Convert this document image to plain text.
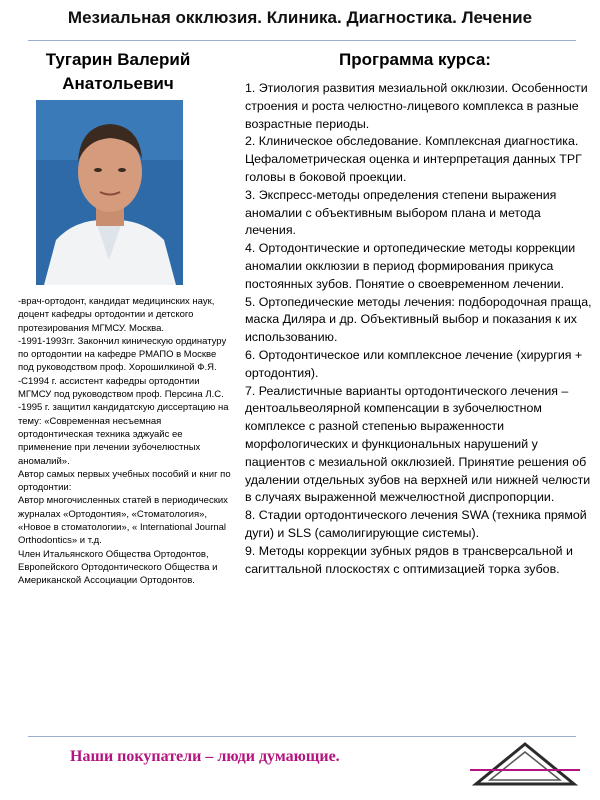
Мезиальная окклюзия. Клиника. Диагностика. Лечение
Тугарин Валерий
Анатольевич
-врач-ортодонт, кандидат медицинских наук, доцент кафедры ортодонтии и детского протезирования МГМСУ. Москва.
-1991-1993гг. Закончил киническую ординатуру по ортодонтии на кафедре РМАПО в Москве под руководством проф. Хорошилкиной Ф.Я.
-С1994 г. ассистент кафедры ортодонтии МГМСУ под руководством проф. Персина Л.С.
-1995 г. защитил кандидатскую диссертацию на тему: «Современная несъемная ортодонтическая техника эджуайс ее применение при лечении зубочелюстных аномалий».
Автор самых первых учебных пособий и книг по ортодонтии:
Автор многочисленных статей в периодических журналах «Ортодонтия», «Стоматология», «Новое в стоматологии», « International Journal Orthodontics» и т.д.
Член Итальянского Общества Ортодонтов, Европейского Ортодонтического Общества и Американской Ассоциации Ортодонтов.
Программа курса:
1. Этиология развития мезиальной окклюзии. Особенности строения и роста челюстно-лицевого комплекса в разные возрастные периоды.
2. Клиническое обследование. Комплексная диагностика. Цефалометрическая оценка и интерпретация данных ТРГ головы в боковой проекции.
3. Экспресс-методы определения степени выражения аномалии с объективным выбором плана и метода лечения.
4. Ортодонтические и ортопедические методы коррекции аномалии окклюзии в период формирования прикуса постоянных зубов. Понятие о своевременном лечении.
5. Ортопедические методы лечения: подбородочная праща, маска Диляра и др. Объективный выбор и показания к их использованию.
6. Ортодонтическое или комплексное лечение (хирургия + ортодонтия).
7. Реалистичные варианты ортодонтического лечения – дентоальвеолярной компенсации в зубочелюстном комплексе с разной степенью выраженности морфологических и функциональных нарушений у пациентов с мезиальной окклюзией. Принятие решения об удалении отдельных зубов на верхней или нижней челюсти в случаях выраженной межчелюстной диспропорции.
8. Стадии ортодонтического лечения SWA (техника прямой дуги) и SLS (самолигирующие системы).
9. Методы коррекции зубных рядов в трансверсальной и сагиттальной плоскостях с оптимизацией торка зубов.
Наши покупатели – люди думающие.
